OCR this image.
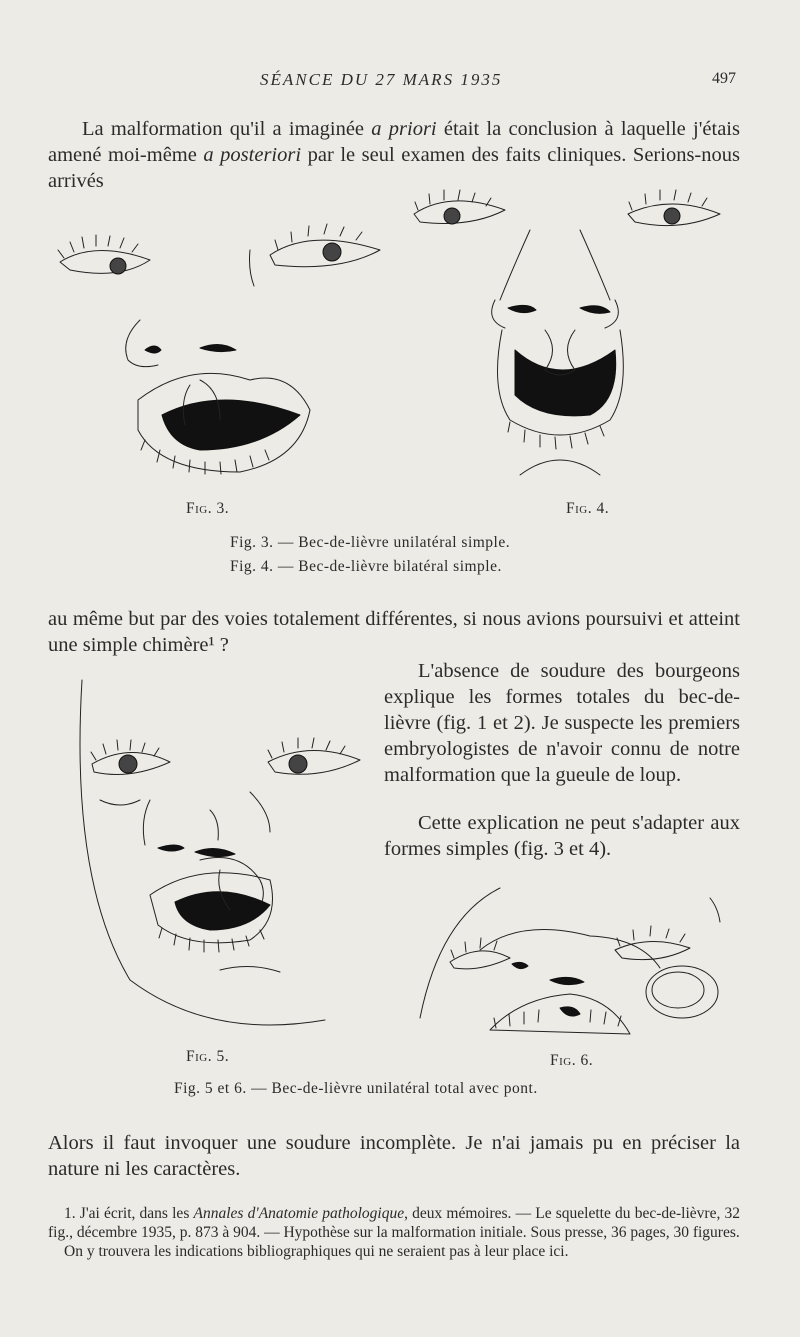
SÉANCE DU 27 MARS 1935	497
La malformation qu'il a imaginée a priori était la conclusion à laquelle j'étais amené moi-même a posteriori par le seul examen des faits cliniques. Serions-nous arrivés
Fig. 3.	Fig. 4.
Fig. 3. — Bec-de-lièvre unilatéral simple.
Fig. 4. — Bec-de-lièvre bilatéral simple.
au même but par des voies totalement différentes, si nous avions poursuivi et atteint une simple chimère¹ ?
L'absence de soudure des bourgeons explique les formes totales du bec-de-lièvre (fig. 1 et 2). Je suspecte les premiers embryologistes de n'avoir connu de notre malformation que la gueule de loup.
Cette explication ne peut s'adapter aux formes simples (fig. 3 et 4).
Fig. 5.	Fig. 6.
Fig. 5 et 6. — Bec-de-lièvre unilatéral total avec pont.
Alors il faut invoquer une soudure incomplète. Je n'ai jamais pu en préciser la nature ni les caractères.
1. J'ai écrit, dans les Annales d'Anatomie pathologique, deux mémoires. — Le squelette du bec-de-lièvre, 32 fig., décembre 1935, p. 873 à 904. — Hypothèse sur la malformation initiale. Sous presse, 36 pages, 30 figures.
On y trouvera les indications bibliographiques qui ne seraient pas à leur place ici.
